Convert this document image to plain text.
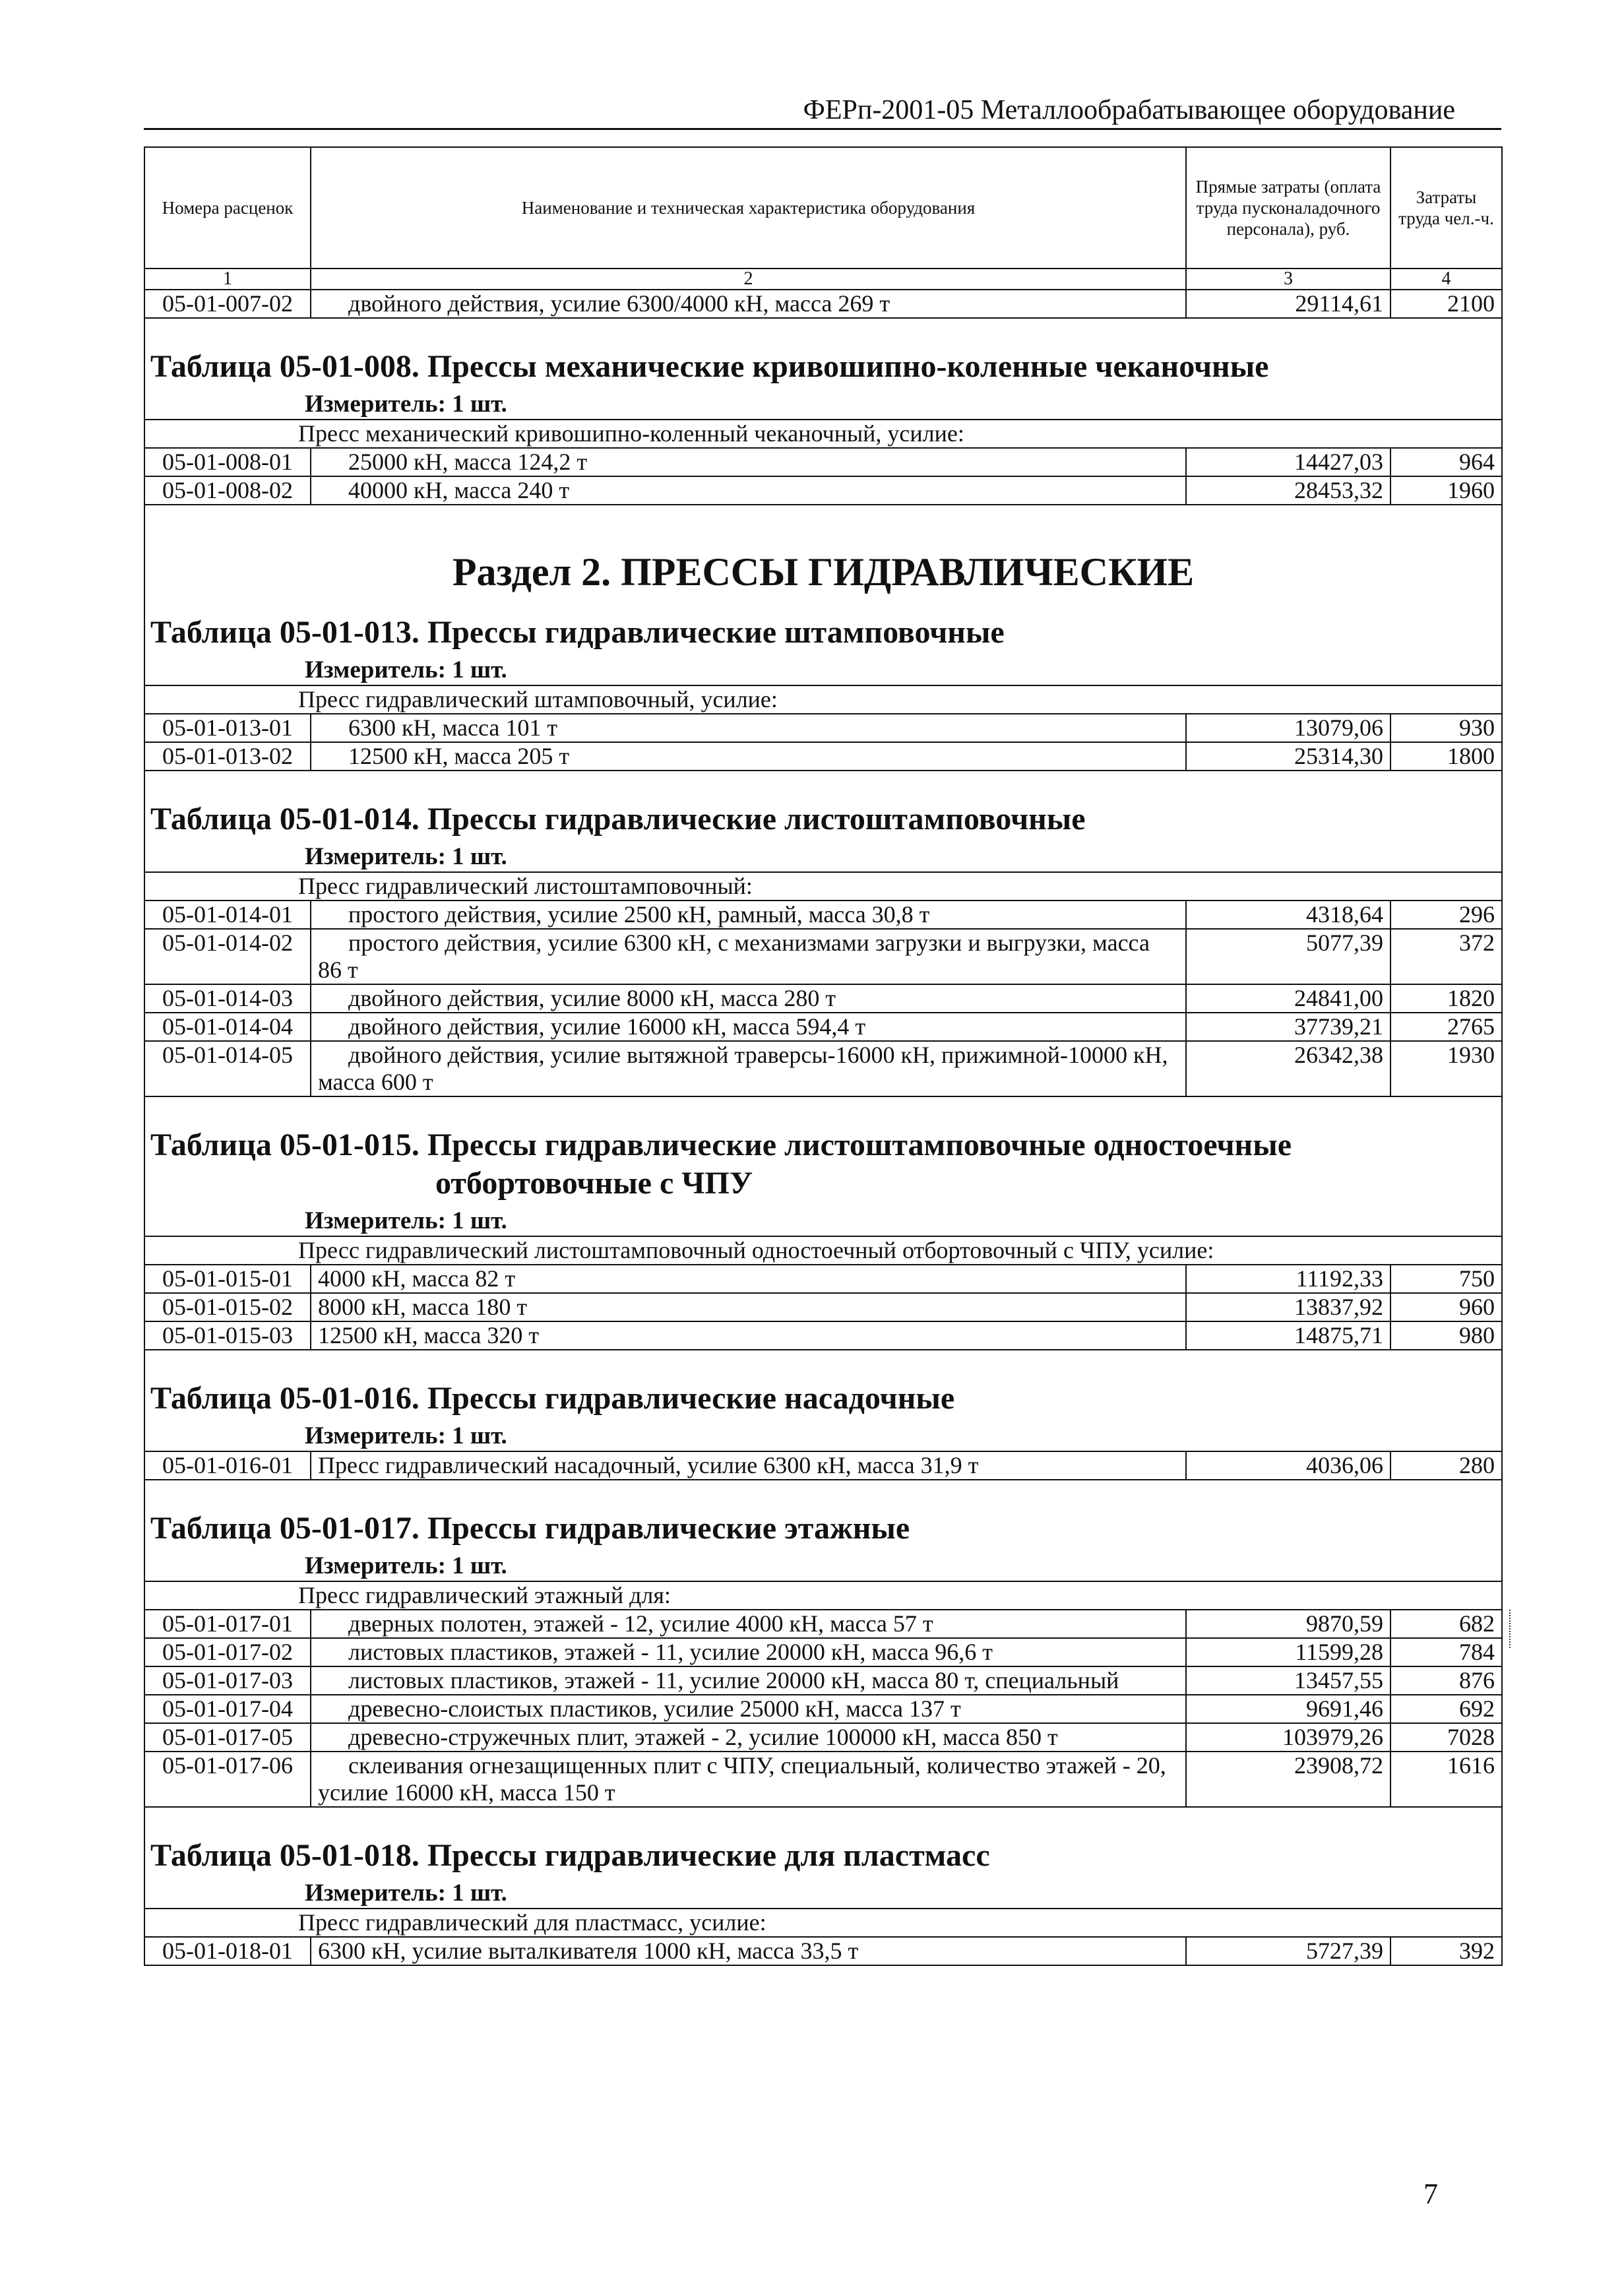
ФЕРп-2001-05 Металлообрабатывающее оборудование
Номера расценок	Наименование и техническая характеристика оборудования	Прямые затраты (оплата труда пусконаладочного персонала), руб.	Затраты труда чел.-ч.
1	2	3	4
05-01-007-02	двойного действия, усилие 6300/4000 кН, масса 269 т	29114,61	2100

Таблица 05-01-008. Прессы механические кривошипно-коленные чеканочные
Измеритель: 1 шт.			

Пресс механический кривошипно-коленный чеканочный, усилие:			
05-01-008-01	25000 кН, масса 124,2 т	14427,03	964
05-01-008-02	40000 кН, масса 240 т	28453,32	1960

Раздел 2. ПРЕССЫ ГИДРАВЛИЧЕСКИЕ
Таблица 05-01-013. Прессы гидравлические штамповочные
Измеритель: 1 шт.			

Пресс гидравлический штамповочный, усилие:			
05-01-013-01	6300 кН, масса 101 т	13079,06	930
05-01-013-02	12500 кН, масса 205 т	25314,30	1800

Таблица 05-01-014. Прессы гидравлические листоштамповочные
Измеритель: 1 шт.			

Пресс гидравлический листоштамповочный:			
05-01-014-01	простого действия, усилие 2500 кН, рамный, масса 30,8 т	4318,64	296
05-01-014-02	простого действия, усилие 6300 кН, с механизмами загрузки и выгрузки, масса 86 т	5077,39	372
05-01-014-03	двойного действия, усилие 8000 кН, масса 280 т	24841,00	1820
05-01-014-04	двойного действия, усилие 16000 кН, масса 594,4 т	37739,21	2765
05-01-014-05	двойного действия, усилие вытяжной траверсы-16000 кН, прижимной-10000 кН, масса 600 т	26342,38	1930

Таблица 05-01-015. Прессы гидравлические листоштамповочные одностоечные
отбортовочные с ЧПУ
Измеритель: 1 шт.			

Пресс гидравлический листоштамповочный одностоечный отбортовочный с ЧПУ, усилие:			
05-01-015-01	4000 кН, масса 82 т	11192,33	750
05-01-015-02	8000 кН, масса 180 т	13837,92	960
05-01-015-03	12500 кН, масса 320 т	14875,71	980

Таблица 05-01-016. Прессы гидравлические насадочные
Измеритель: 1 шт.			

05-01-016-01	Пресс гидравлический насадочный, усилие 6300 кН, масса 31,9 т	4036,06	280

Таблица 05-01-017. Прессы гидравлические этажные
Измеритель: 1 шт.			

Пресс гидравлический этажный для:			
05-01-017-01	дверных полотен, этажей - 12, усилие 4000 кН, масса 57 т	9870,59	682
05-01-017-02	листовых пластиков, этажей - 11, усилие 20000 кН, масса 96,6 т	11599,28	784
05-01-017-03	листовых пластиков, этажей - 11, усилие 20000 кН, масса 80 т, специальный	13457,55	876
05-01-017-04	древесно-слоистых пластиков, усилие 25000 кН, масса 137 т	9691,46	692
05-01-017-05	древесно-стружечных плит, этажей - 2, усилие 100000 кН, масса 850 т	103979,26	7028
05-01-017-06	склеивания огнезащищенных плит с ЧПУ, специальный, количество этажей - 20, усилие 16000 кН, масса 150 т	23908,72	1616

Таблица 05-01-018. Прессы гидравлические для пластмасс
Измеритель: 1 шт.			

Пресс гидравлический для пластмасс, усилие:			
05-01-018-01	6300 кН, усилие выталкивателя 1000 кН, масса 33,5 т	5727,39	392
7
